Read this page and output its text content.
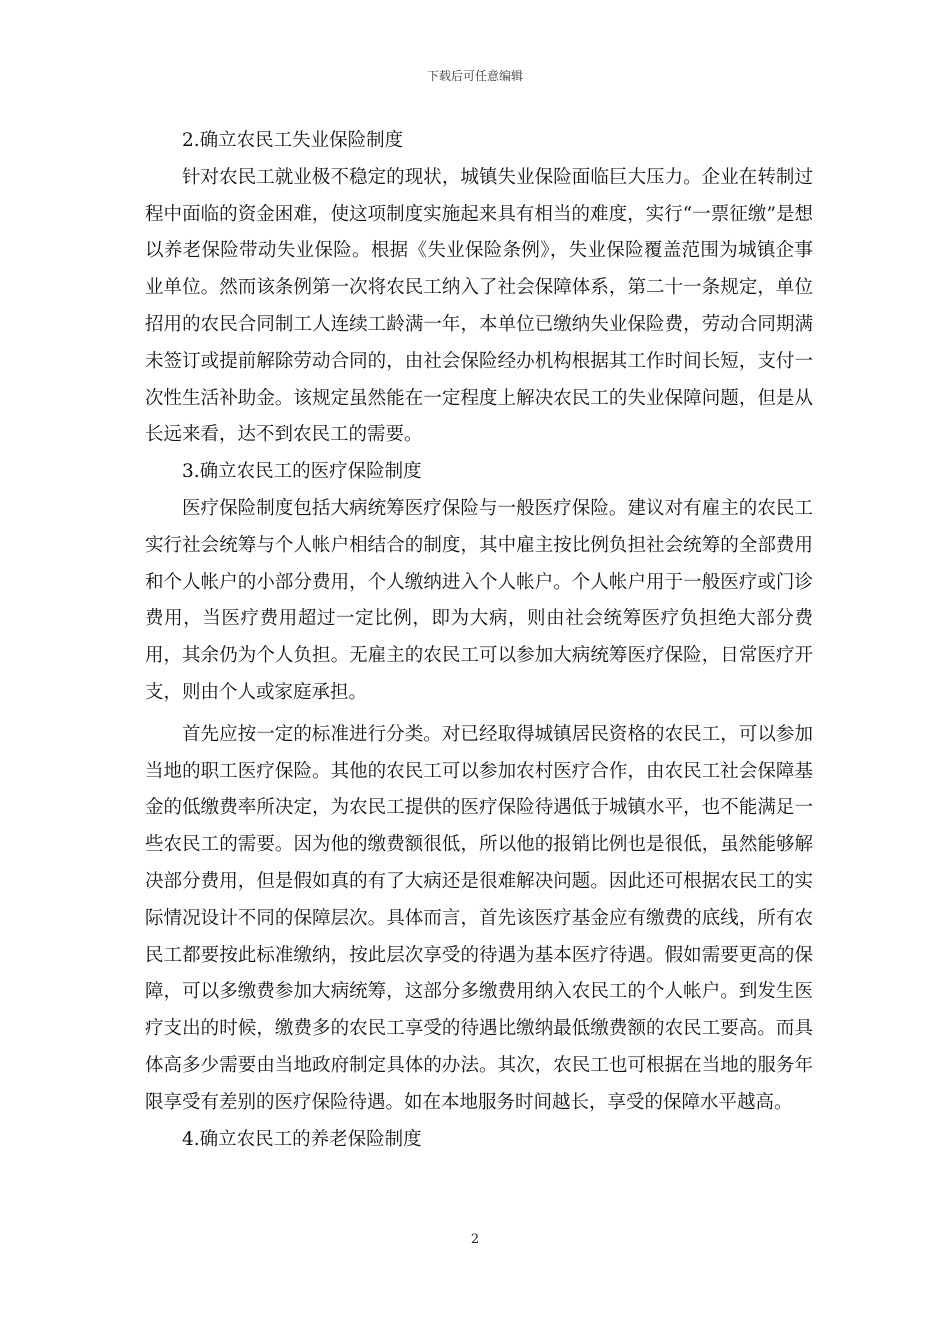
下载后可任意编辑

2.确立农民工失业保险制度

针对农民工就业极不稳定的现状，城镇失业保险面临巨大压力。企业在转制过程中面临的资金困难，使这项制度实施起来具有相当的难度，实行“一票征缴”是想以养老保险带动失业保险。根据《失业保险条例》，失业保险覆盖范围为城镇企事业单位。然而该条例第一次将农民工纳入了社会保障体系，第二十一条规定，单位招用的农民合同制工人连续工龄满一年，本单位已缴纳失业保险费，劳动合同期满未签订或提前解除劳动合同的，由社会保险经办机构根据其工作时间长短，支付一次性生活补助金。该规定虽然能在一定程度上解决农民工的失业保障问题，但是从长远来看，达不到农民工的需要。

3.确立农民工的医疗保险制度

医疗保险制度包括大病统筹医疗保险与一般医疗保险。建议对有雇主的农民工实行社会统筹与个人帐户相结合的制度，其中雇主按比例负担社会统筹的全部费用和个人帐户的小部分费用，个人缴纳进入个人帐户。个人帐户用于一般医疗或门诊费用，当医疗费用超过一定比例，即为大病，则由社会统筹医疗负担绝大部分费用，其余仍为个人负担。无雇主的农民工可以参加大病统筹医疗保险，日常医疗开支，则由个人或家庭承担。

首先应按一定的标准进行分类。对已经取得城镇居民资格的农民工，可以参加当地的职工医疗保险。其他的农民工可以参加农村医疗合作，由农民工社会保障基金的低缴费率所决定，为农民工提供的医疗保险待遇低于城镇水平，也不能满足一些农民工的需要。因为他的缴费额很低，所以他的报销比例也是很低，虽然能够解决部分费用，但是假如真的有了大病还是很难解决问题。因此还可根据农民工的实际情况设计不同的保障层次。具体而言，首先该医疗基金应有缴费的底线，所有农民工都要按此标准缴纳，按此层次享受的待遇为基本医疗待遇。假如需要更高的保障，可以多缴费参加大病统筹，这部分多缴费用纳入农民工的个人帐户。到发生医疗支出的时候，缴费多的农民工享受的待遇比缴纳最低缴费额的农民工要高。而具体高多少需要由当地政府制定具体的办法。其次，农民工也可根据在当地的服务年限享受有差别的医疗保险待遇。如在本地服务时间越长，享受的保障水平越高。

4.确立农民工的养老保险制度

2
